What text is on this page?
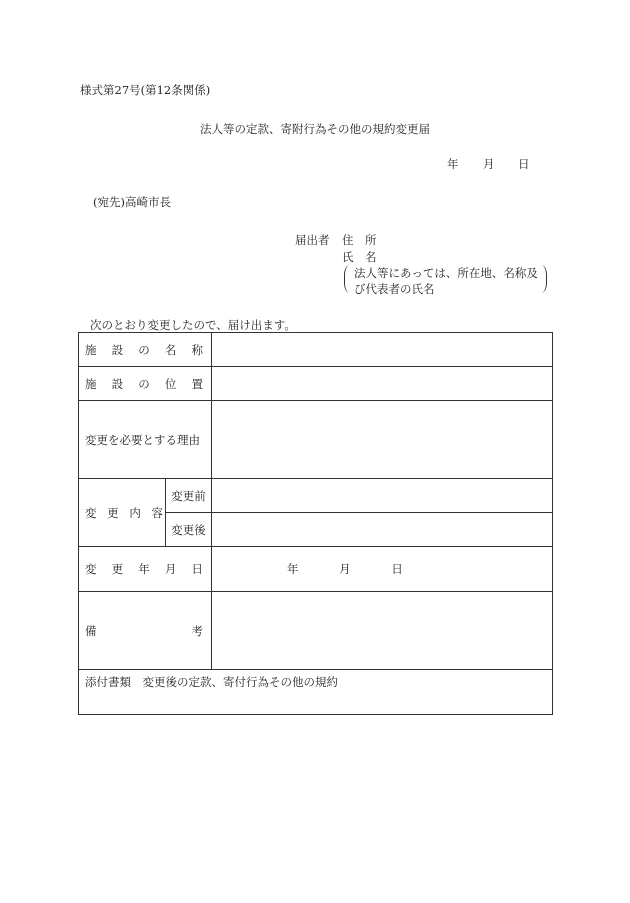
様式第27号(第12条関係)
法人等の定款、寄附行為その他の規約変更届
年 月 日
(宛先)高崎市長
届出者 住　所
氏　名
法人等にあっては、所在地、名称及
び代表者の氏名
次のとおり変更したので、届け出ます。
施 設 の 名 称		

施 設 の 位 置		

変更を必要とする理由		

変 更 内 容	変更前	
	変更後	

変 更 年 月 日		年 月 日

備 考		

添付書類　変更後の定款、寄付行為その他の規約		
